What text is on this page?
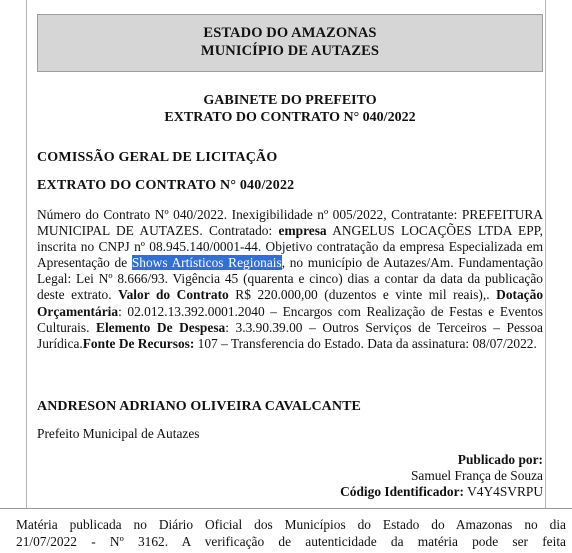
ESTADO DO AMAZONAS
MUNICÍPIO DE AUTAZES
GABINETE DO PREFEITO
EXTRATO DO CONTRATO N° 040/2022
COMISSÃO GERAL DE LICITAÇÃO
EXTRATO DO CONTRATO N° 040/2022
Número do Contrato Nº 040/2022. Inexigibilidade nº 005/2022, Contratante: PREFEITURA MUNICIPAL DE AUTAZES. Contratado: empresa ANGELUS LOCAÇÕES LTDA EPP, inscrita no CNPJ nº 08.945.140/0001-44. Objetivo contratação da empresa Especializada em Apresentação de Shows Artísticos Regionais, no município de Autazes/Am. Fundamentação Legal: Lei Nº 8.666/93. Vigência 45 (quarenta e cinco) dias a contar da data da publicação deste extrato. Valor do Contrato R$ 220.000,00 (duzentos e vinte mil reais),. Dotação Orçamentária: 02.012.13.392.0001.2040 – Encargos com Realização de Festas e Eventos Culturais. Elemento De Despesa: 3.3.90.39.00 – Outros Serviços de Terceiros – Pessoa Jurídica.Fonte De Recursos: 107 – Transferencia do Estado. Data da assinatura: 08/07/2022.
ANDRESON ADRIANO OLIVEIRA CAVALCANTE
Prefeito Municipal de Autazes
Publicado por:
Samuel França de Souza
Código Identificador: V4Y4SVRPU
Matéria publicada no Diário Oficial dos Municípios do Estado do Amazonas no dia
21/07/2022 - Nº 3162. A verificação de autenticidade da matéria pode ser feita
